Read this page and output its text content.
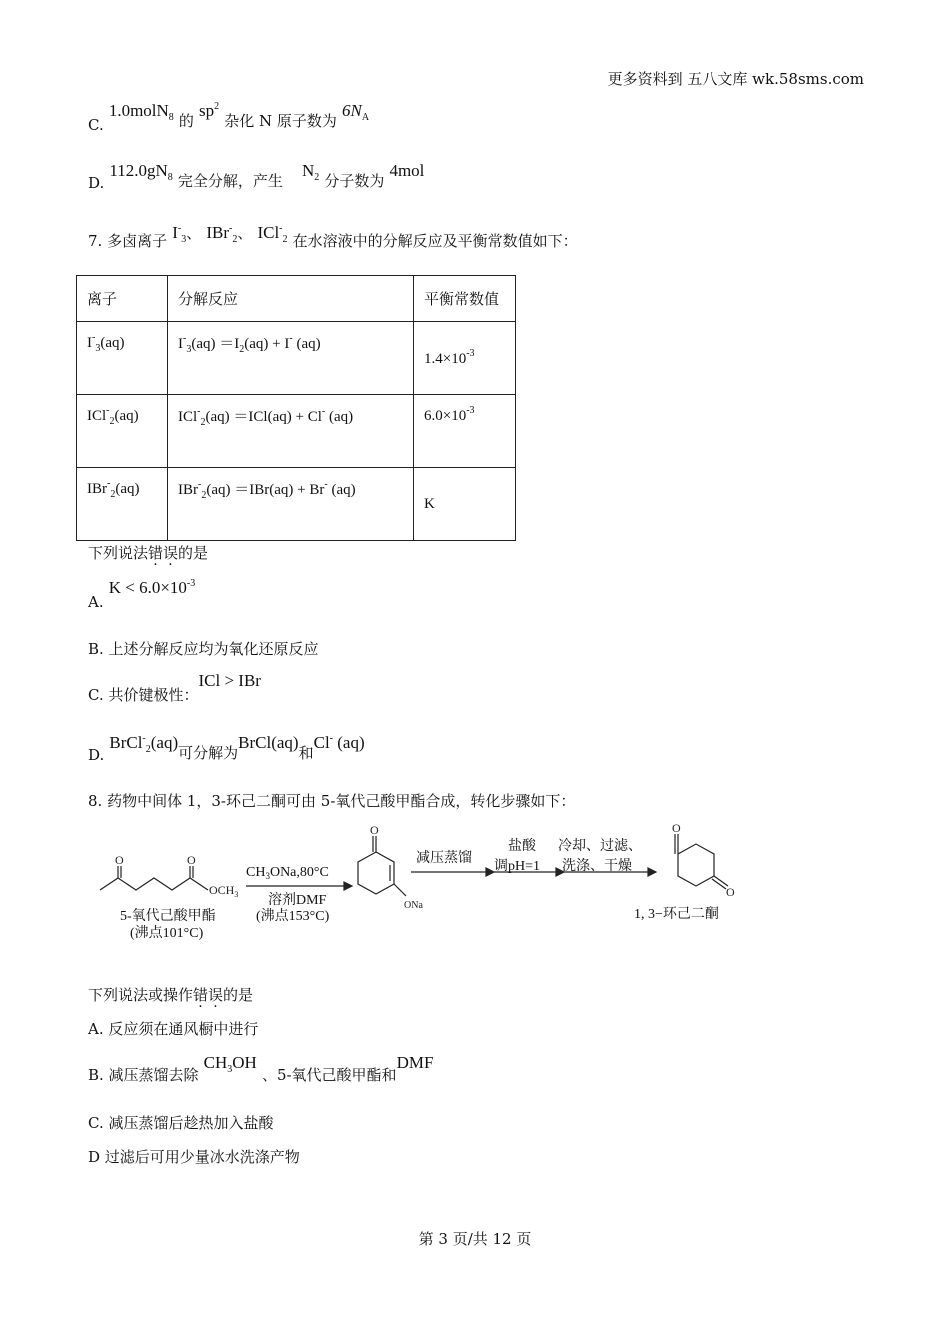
更多资料到 五八文库 wk.58sms.com
C. 1.0molN$_8$ 的 $sp^2$ 杂化 N 原子数为 $6N_A$
D. $112.0gN_8$ 完全分解，产生 $N_2$ 分子数为 4mol
7. 多卤离子 $I^-_3$、 IBr-$_2$、 ICl-$_2$ 在水溶液中的分解反应及平衡常数值如下：
离子	分解反应	平衡常数值
$I^-_3(aq)$	$I^-_3(aq) =I_2(aq) + I^-$ (aq)	$1.4\times 10^{-3}$
ICl-$_2$(aq)	ICl-$_2$(aq) ＝ICl(aq) + Cl- (aq)	$6.0\times 10^{-3}$
IBr-$_2$(aq)	IBr-$_2$(aq) ＝IBr(aq) + Br- (aq)	K
下列说法错误的是
A. $K < 6.0\times 10^{-3}$
B. 上述分解反应均为氧化还原反应
C. 共价键极性：ICl > IBr
D. BrCl-$_2$(aq)可分解为BrCl(aq)和Cl- (aq)
8. 药物中间体 1，3-环己二酮可由 5-氧代己酸甲酯合成，转化步骤如下：
O	O
$OCH_3$
O
ONa
O
O
$CH_3ONa,80^\circ C$
溶剂DMF
(沸点153°C)
减压蒸馏
盐酸
调pH=1
冷却、过滤、
洗涤、干燥
5-氧代己酸甲酯
(沸点101°C)
1, 3−环己二酮
下列说法或操作错误的是
A. 反应须在通风橱中进行
B. 减压蒸馏去除 $CH_3OH$ 、5-氧代己酸甲酯和DMF
C. 减压蒸馏后趁热加入盐酸
D 过滤后可用少量冰水洗涤产物
第 3 页/共 12 页
